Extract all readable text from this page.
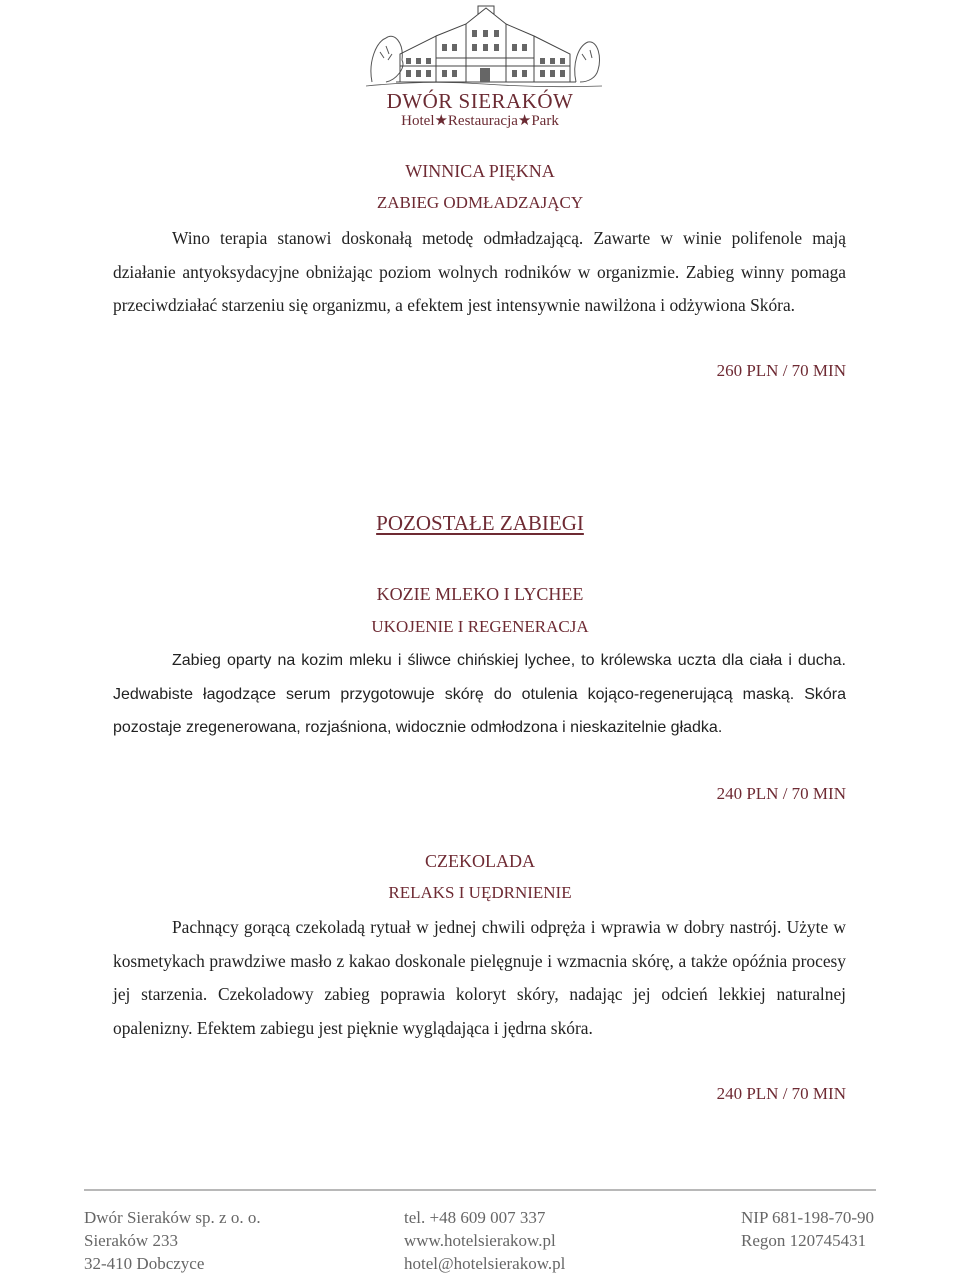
DWÓR SIERAKÓW
Hotel★Restauracja★Park
WINNICA PIĘKNA
ZABIEG ODMŁADZAJĄCY
Wino terapia stanowi doskonałą metodę odmładzającą. Zawarte w winie polifenole mają działanie antyoksydacyjne obniżając poziom wolnych rodników w organizmie. Zabieg winny pomaga przeciwdziałać starzeniu się organizmu, a efektem jest intensywnie nawilżona i odżywiona Skóra.
260 PLN / 70 MIN
POZOSTAŁE ZABIEGI
KOZIE MLEKO I LYCHEE
UKOJENIE I REGENERACJA
Zabieg oparty na kozim mleku i śliwce chińskiej lychee, to królewska uczta dla ciała i ducha. Jedwabiste łagodzące serum przygotowuje skórę do otulenia kojąco-regenerującą maską. Skóra pozostaje zregenerowana, rozjaśniona, widocznie odmłodzona i nieskazitelnie gładka.
240 PLN / 70 MIN
CZEKOLADA
RELAKS I UĘDRNIENIE
Pachnący gorącą czekoladą rytuał w jednej chwili odpręża i wprawia w dobry nastrój. Użyte w kosmetykach prawdziwe masło z kakao doskonale pielęgnuje i wzmacnia skórę, a także opóźnia procesy jej starzenia. Czekoladowy zabieg poprawia koloryt skóry, nadając jej odcień lekkiej naturalnej opalenizny. Efektem zabiegu jest pięknie wyglądająca i jędrna skóra.
240 PLN / 70 MIN
Dwór Sieraków sp. z o. o.
Sieraków 233
32-410 Dobczyce
tel. +48 609 007 337
www.hotelsierakow.pl
hotel@hotelsierakow.pl
NIP 681-198-70-90
Regon 120745431
